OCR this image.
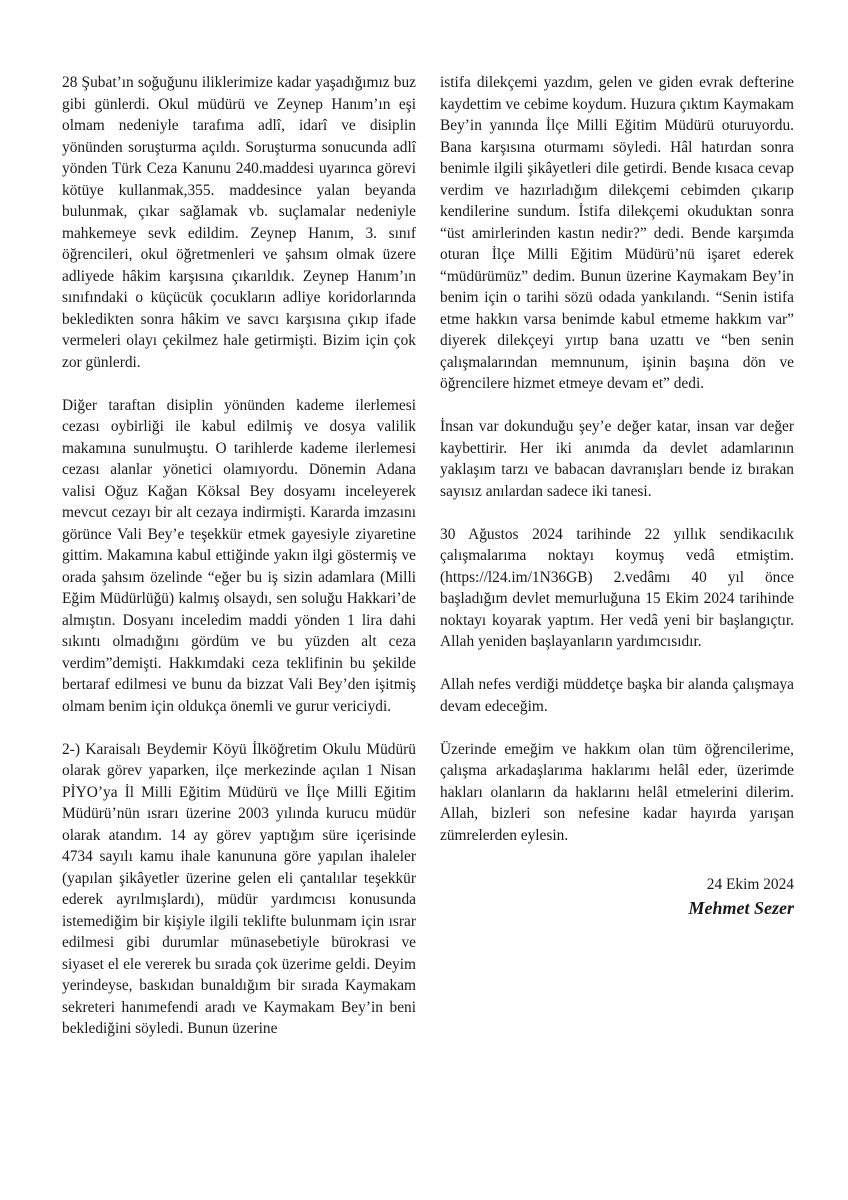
28 Şubat’ın soğuğunu iliklerimize kadar yaşadığımız buz gibi günlerdi. Okul müdürü ve Zeynep Hanım’ın eşi olmam nedeniyle tarafıma adlî, idarî ve disiplin yönünden soruşturma açıldı. Soruşturma sonucunda adlî yönden Türk Ceza Kanunu 240.maddesi uyarınca görevi kötüye kullanmak,355. maddesince yalan beyanda bulunmak, çıkar sağlamak vb. suçlamalar nedeniyle mahkemeye sevk edildim. Zeynep Hanım, 3. sınıf öğrencileri, okul öğretmenleri ve şahsım olmak üzere adliyede hâkim karşısına çıkarıldık. Zeynep Hanım’ın sınıfındaki o küçücük çocukların adliye koridorlarında bekledikten sonra hâkim ve savcı karşısına çıkıp ifade vermeleri olayı çekilmez hale getirmişti. Bizim için çok zor günlerdi.

Diğer taraftan disiplin yönünden kademe ilerlemesi cezası oybirliği ile kabul edilmiş ve dosya valilik makamına sunulmuştu. O tarihlerde kademe ilerlemesi cezası alanlar yönetici olamıyordu. Dönemin Adana valisi Oğuz Kağan Köksal Bey dosyamı inceleyerek mevcut cezayı bir alt cezaya indirmişti. Kararda imzasını görünce Vali Bey’e teşekkür etmek gayesiyle ziyaretine gittim. Makamına kabul ettiğinde yakın ilgi göstermiş ve orada şahsım özelinde “eğer bu iş sizin adamlara (Milli Eğim Müdürlüğü) kalmış olsaydı, sen soluğu Hakkari’de almıştın. Dosyanı inceledim maddi yönden 1 lira dahi sıkıntı olmadığını gördüm ve bu yüzden alt ceza verdim”demişti. Hakkımdaki ceza teklifinin bu şekilde bertaraf edilmesi ve bunu da bizzat Vali Bey’den işitmiş olmam benim için oldukça önemli ve gurur vericiydi.

2-) Karaisalı Beydemir Köyü İlköğretim Okulu Müdürü olarak görev yaparken, ilçe merkezinde açılan 1 Nisan PİYO’ya İl Milli Eğitim Müdürü ve İlçe Milli Eğitim Müdürü’nün ısrarı üzerine 2003 yılında kurucu müdür olarak atandım. 14 ay görev yaptığım süre içerisinde 4734 sayılı kamu ihale kanununa göre yapılan ihaleler (yapılan şikâyetler üzerine gelen eli çantalılar teşekkür ederek ayrılmışlardı), müdür yardımcısı konusunda istemediğim bir kişiyle ilgili teklifte bulunmam için ısrar edilmesi gibi durumlar münasebetiyle bürokrasi ve siyaset el ele vererek bu sırada çok üzerime geldi. Deyim yerindeyse, baskıdan bunaldığım bir sırada Kaymakam sekreteri hanımefendi aradı ve Kaymakam Bey’in beni beklediğini söyledi. Bunun üzerine

istifa dilekçemi yazdım, gelen ve giden evrak defterine kaydettim ve cebime koydum. Huzura çıktım Kaymakam Bey’in yanında İlçe Milli Eğitim Müdürü oturuyordu. Bana karşısına oturmamı söyledi. Hâl hatırdan sonra benimle ilgili şikâyetleri dile getirdi. Bende kısaca cevap verdim ve hazırladığım dilekçemi cebimden çıkarıp kendilerine sundum. İstifa dilekçemi okuduktan sonra “üst amirlerinden kastın nedir?” dedi. Bende karşımda oturan İlçe Milli Eğitim Müdürü’nü işaret ederek “müdürümüz” dedim. Bunun üzerine Kaymakam Bey’in benim için o tarihi sözü odada yankılandı. “Senin istifa etme hakkın varsa benimde kabul etmeme hakkım var” diyerek dilekçeyi yırtıp bana uzattı ve “ben senin çalışmalarından memnunum, işinin başına dön ve öğrencilere hizmet etmeye devam et” dedi.

İnsan var dokunduğu şey’e değer katar, insan var değer kaybettirir. Her iki anımda da devlet adamlarının yaklaşım tarzı ve babacan davranışları bende iz bırakan sayısız anılardan sadece iki tanesi.

30 Ağustos 2024 tarihinde 22 yıllık sendikacılık çalışmalarıma noktayı koymuş vedâ etmiştim. (https://l24.im/1N36GB) 2.vedâmı 40 yıl önce başladığım devlet memurluğuna 15 Ekim 2024 tarihinde noktayı koyarak yaptım. Her vedâ yeni bir başlangıçtır. Allah yeniden başlayanların yardımcısıdır.

Allah nefes verdiği müddetçe başka bir alanda çalışmaya devam edeceğim.

Üzerinde emeğim ve hakkım olan tüm öğrencilerime, çalışma arkadaşlarıma haklarımı helâl eder, üzerimde hakları olanların da haklarını helâl etmelerini dilerim. Allah, bizleri son nefesine kadar hayırda yarışan zümrelerden eylesin.

24 Ekim 2024
Mehmet Sezer
